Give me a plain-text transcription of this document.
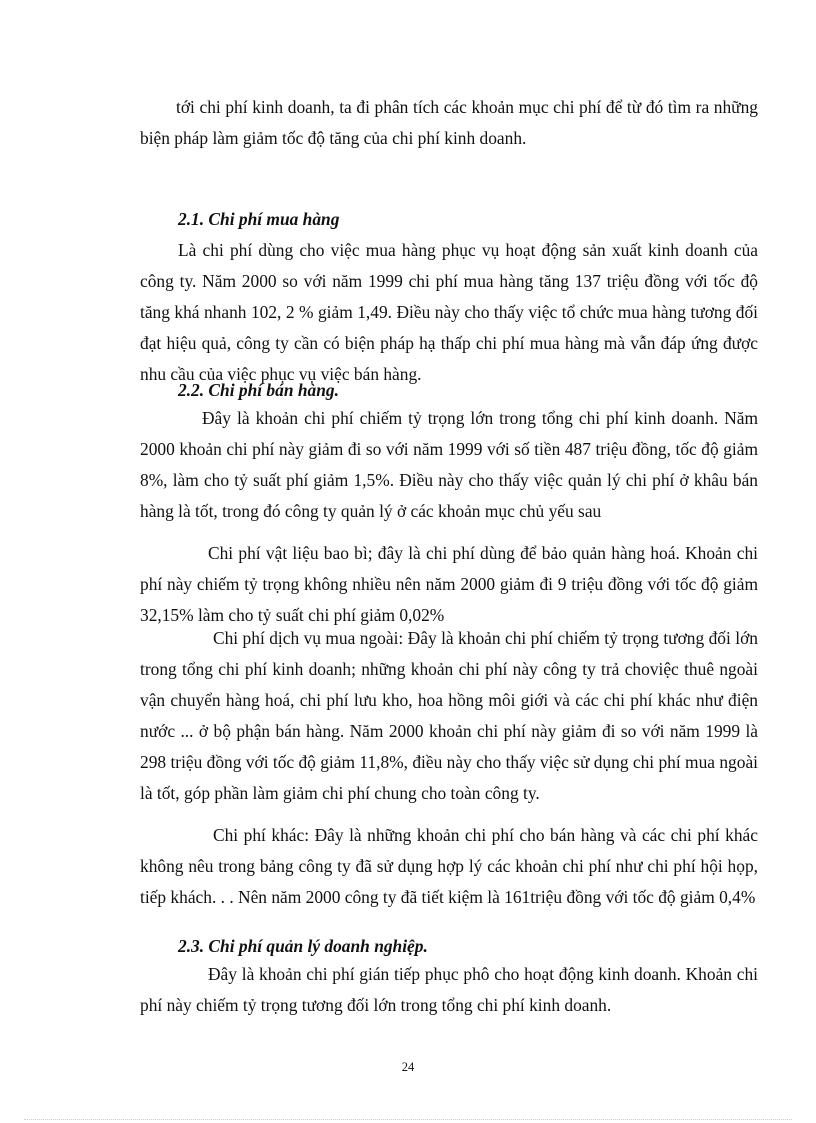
tới chi phí kinh doanh, ta đi phân tích các khoản mục chi phí để từ đó tìm ra những biện pháp làm giảm tốc độ tăng của chi phí kinh doanh.

2.1. Chi phí mua hàng

Là chi phí dùng cho việc mua hàng phục vụ hoạt động sản xuất kinh doanh của công ty. Năm 2000 so với năm 1999 chi phí mua hàng tăng 137 triệu đồng với tốc độ tăng khá nhanh 102, 2 % giảm 1,49. Điều này cho thấy việc tổ chức mua hàng tương đối đạt hiệu quả, công ty cần có biện pháp hạ thấp chi phí mua hàng mà vẫn đáp ứng được nhu cầu của việc phục vụ việc bán hàng.

2.2. Chi phí bán hàng.

Đây là khoản chi phí chiếm tỷ trọng lớn trong tổng chi phí kinh doanh. Năm 2000 khoản chi phí này giảm đi so với năm 1999 với số tiền 487 triệu đồng, tốc độ giảm 8%, làm cho tỷ suất phí giảm 1,5%. Điều này cho thấy việc quản lý chi phí ở khâu bán hàng là tốt, trong đó công ty quản lý ở các khoản mục chủ yếu sau

Chi phí vật liệu bao bì; đây là chi phí dùng để bảo quản hàng hoá. Khoản chi phí này chiếm tỷ trọng không nhiều nên năm 2000 giảm đi 9 triệu đồng với tốc độ giảm 32,15% làm cho tỷ suất chi phí giảm 0,02%

Chi phí dịch vụ mua ngoài: Đây là khoản chi phí chiếm tỷ trọng tương đối lớn trong tổng chi phí kinh doanh; những khoản chi phí này công ty trả choviệc thuê ngoài vận chuyển hàng hoá, chi phí lưu kho, hoa hồng môi giới và các chi phí khác như điện nước ... ở bộ phận bán hàng. Năm 2000 khoản chi phí này giảm đi so với năm 1999 là 298 triệu đồng với tốc độ giảm 11,8%, điều này cho thấy việc sử dụng chi phí mua ngoài là tốt, góp phần làm giảm chi phí chung cho toàn công ty.

Chi phí khác: Đây là những khoản chi phí cho bán hàng và các chi phí khác không nêu trong bảng công ty đã sử dụng hợp lý các khoản chi phí như chi phí hội họp, tiếp khách. . . Nên năm 2000 công ty đã tiết kiệm là 161triệu đồng với tốc độ giảm 0,4%

2.3. Chi phí quản lý doanh nghiệp.

Đây là khoản chi phí gián tiếp phục phô cho hoạt động kinh doanh. Khoản chi phí này chiếm tỷ trọng tương đối lớn trong tổng chi phí kinh doanh.

24
